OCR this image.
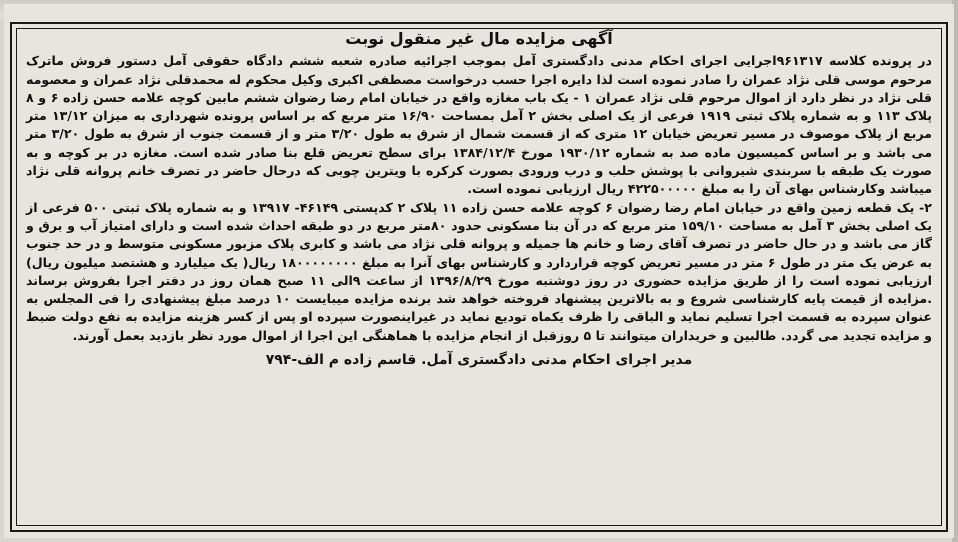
آگهی مزایده مال غیر منقول نوبت

در پرونده کلاسه ۹۶۱۳۱۷اجرایی اجرای احکام مدنی دادگستری آمل بموجب اجرائیه صادره شعبه ششم دادگاه حقوقی آمل دستور فروش ماترک مرحوم موسی قلی نژاد عمران را صادر نموده است لذا دایره اجرا حسب درخواست مصطفی اکبری وکیل محکوم له محمدقلی نژاد عمران و معصومه قلی نژاد در نظر دارد از اموال مرحوم قلی نژاد عمران ۱ - یک باب مغازه واقع در خیابان امام رضا رضوان ششم مابین کوچه علامه حسن زاده ۶ و ۸ پلاک ۱۱۳ و به شماره پلاک ثبتی ۱۹۱۹ فرعی از یک اصلی بخش ۲ آمل بمساحت ۱۶/۹۰ متر مربع که بر اساس پرونده شهرداری به میزان ۱۳/۱۲ متر مربع از پلاک موصوف در مسیر تعریض خیابان ۱۲ متری که از قسمت شمال از شرق به طول ۳/۲۰ متر و از قسمت جنوب از شرق به طول ۳/۲۰ متر می باشد و بر اساس کمیسیون ماده صد به شماره ۱۹۳۰/۱۲ مورخ ۱۳۸۴/۱۲/۴ برای سطح تعریض قلع بنا صادر شده است. مغازه در بر کوچه و به صورت یک طبقه با سربندی شیروانی با پوشش حلب و درب ورودی بصورت کرکره با ویترین چوبی که درحال حاضر در تصرف خانم پروانه قلی نژاد میباشد وکارشناس بهای آن را به مبلغ ۴۲۲۵۰۰۰۰۰ ریال ارزیابی نموده است.

۲- یک قطعه زمین واقع در خیابان امام رضا رضوان ۶ کوچه علامه حسن زاده ۱۱ پلاک ۲ کدپستی ۴۶۱۴۹- ۱۳۹۱۷ و به شماره پلاک ثبتی ۵۰۰ فرعی از یک اصلی بخش ۳ آمل به مساحت ۱۵۹/۱۰ متر مربع که در آن بنا مسکونی حدود ۸۰متر مربع در دو طبقه احداث شده است و دارای امتیاز آب و برق و گاز می باشد و در حال حاضر در تصرف آقای رضا و خانم ها جمیله و پروانه قلی نژاد می باشد و کابری پلاک مزبور مسکونی متوسط و در حد جنوب به عرض یک متر در طول ۶ متر در مسیر تعریض کوچه قراردارد و کارشناس بهای آنرا به مبلغ ۱۸۰۰۰۰۰۰۰۰ ریال( یک میلیارد و هشتصد میلیون ریال) ارزیابی نموده است را از طریق مزایده حضوری در روز دوشنبه مورخ ۱۳۹۶/۸/۲۹ از ساعت ۹الی ۱۱ صبح همان روز در دفتر اجرا بفروش برساند .مزایده از قیمت پایه کارشناسی شروع و به بالاترین پیشنهاد فروخته خواهد شد برنده مزایده میبایست ۱۰ درصد مبلغ پیشنهادی را فی المجلس به عنوان سپرده به قسمت اجرا تسلیم نماید و الباقی را ظرف یکماه تودیع نماید در غیراینصورت سپرده او پس از کسر هزینه مزایده به نفع دولت ضبط و مزایده تجدید می گردد. طالبین و خریداران میتوانند تا ۵ روزقبل از انجام مزایده با هماهنگی این اجرا از اموال مورد نظر بازدید بعمل آورند.

مدیر اجرای احکام مدنی دادگستری آمل. قاسم زاده م الف-۷۹۴
